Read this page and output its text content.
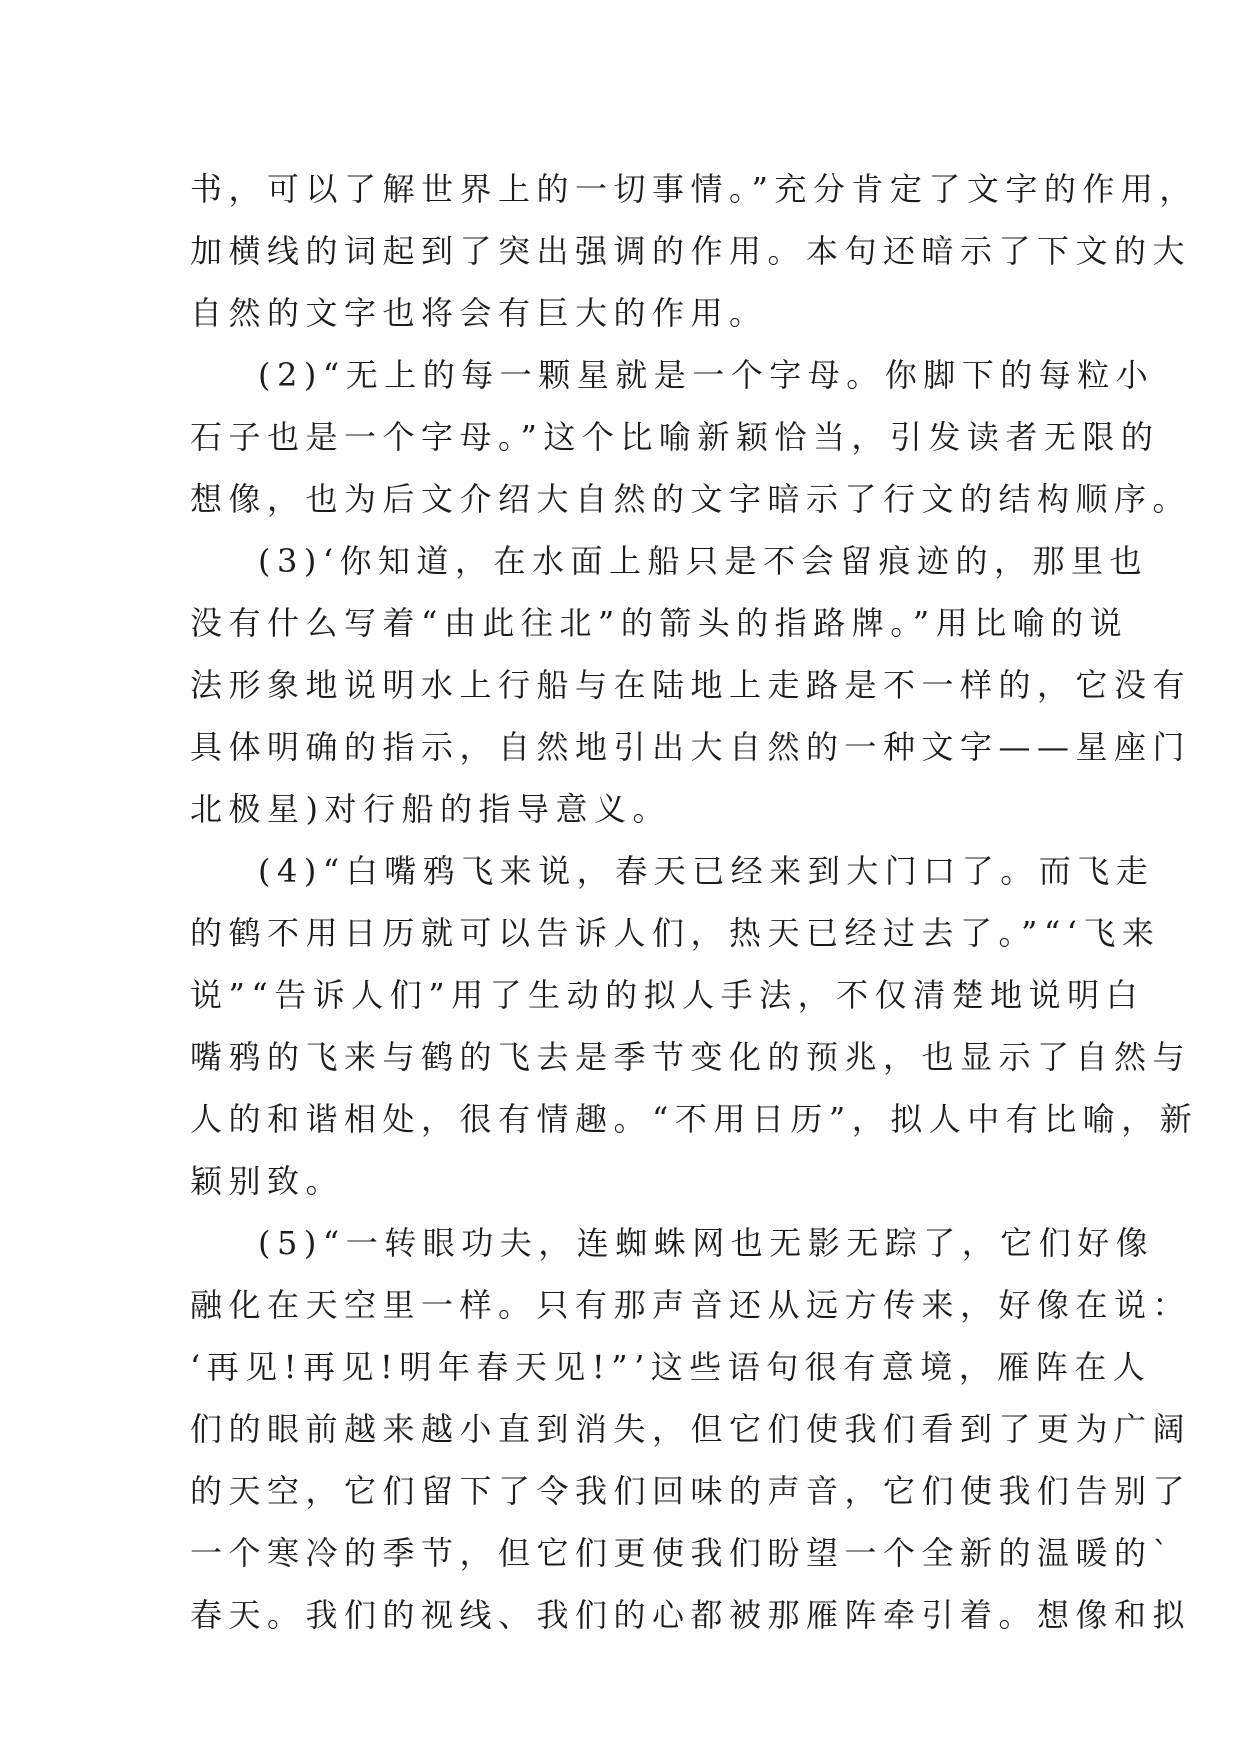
书，可以了解世界上的一切事情。”充分肯定了文字的作用，
加横线的词起到了突出强调的作用。本句还暗示了下文的大
自然的文字也将会有巨大的作用。
(2)“无上的每一颗星就是一个字母。你脚下的每粒小
石子也是一个字母。”这个比喻新颖恰当，引发读者无限的
想像，也为后文介绍大自然的文字暗示了行文的结构顺序。
(3)‘你知道，在水面上船只是不会留痕迹的，那里也
没有什么写着“由此往北”的箭头的指路牌。”用比喻的说
法形象地说明水上行船与在陆地上走路是不一样的，它没有
具体明确的指示，自然地引出大自然的一种文字——星座门
北极星)对行船的指导意义。
(4)“白嘴鸦飞来说，春天已经来到大门口了。而飞走
的鹤不用日历就可以告诉人们，热天已经过去了。”“‘飞来
说”“告诉人们”用了生动的拟人手法，不仅清楚地说明白
嘴鸦的飞来与鹤的飞去是季节变化的预兆，也显示了自然与
人的和谐相处，很有情趣。“不用日历”，拟人中有比喻，新
颖别致。
(5)“一转眼功夫，连蜘蛛网也无影无踪了，它们好像
融化在天空里一样。只有那声音还从远方传来，好像在说：
‘再见!再见!明年春天见!”’这些语句很有意境，雁阵在人
们的眼前越来越小直到消失，但它们使我们看到了更为广阔
的天空，它们留下了令我们回味的声音，它们使我们告别了
一个寒冷的季节，但它们更使我们盼望一个全新的温暖的`
春天。我们的视线、我们的心都被那雁阵牵引着。想像和拟
